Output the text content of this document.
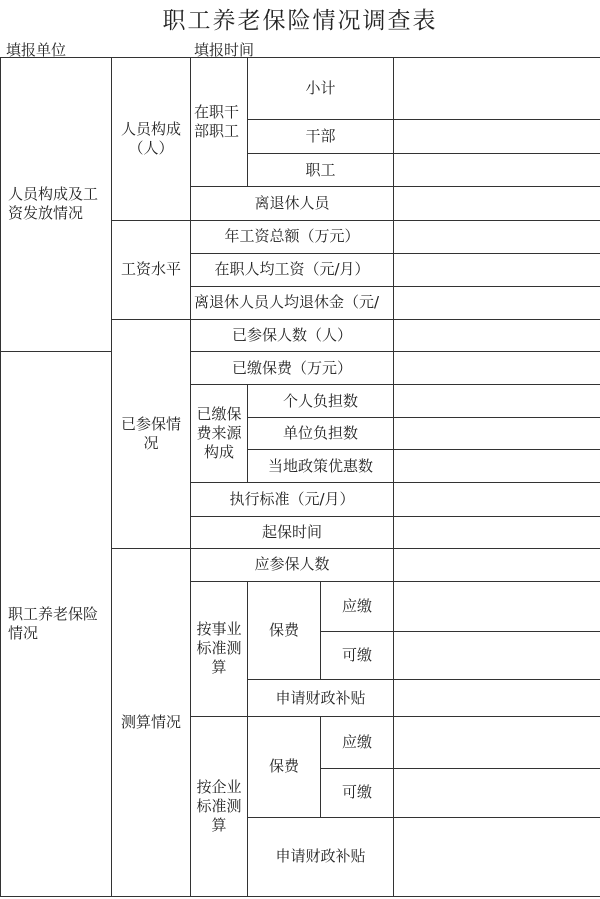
职工养老保险情况调查表
填报单位	填报时间
人员构成及工资发放情况	人员构成（人）	在职干部职工	小计		
			干部		
			职工		
		离退休人员			
	工资水平	年工资总额（万元）			
		在职人均工资（元/月）			
		离退休人员人均退休金（元/			
	已参保情况	已参保人数（人）			
职工养老保险情况		已缴保费（万元）			
		已缴保费来源构成	个人负担数		
			单位负担数		
			当地政策优惠数		
		执行标准（元/月）			
		起保时间			
	测算情况	应参保人数			
		按事业标准测算	保费	应缴	
				可缴	
			申请财政补贴		
		按企业标准测算	保费	应缴	
				可缴	
			申请财政补贴		
